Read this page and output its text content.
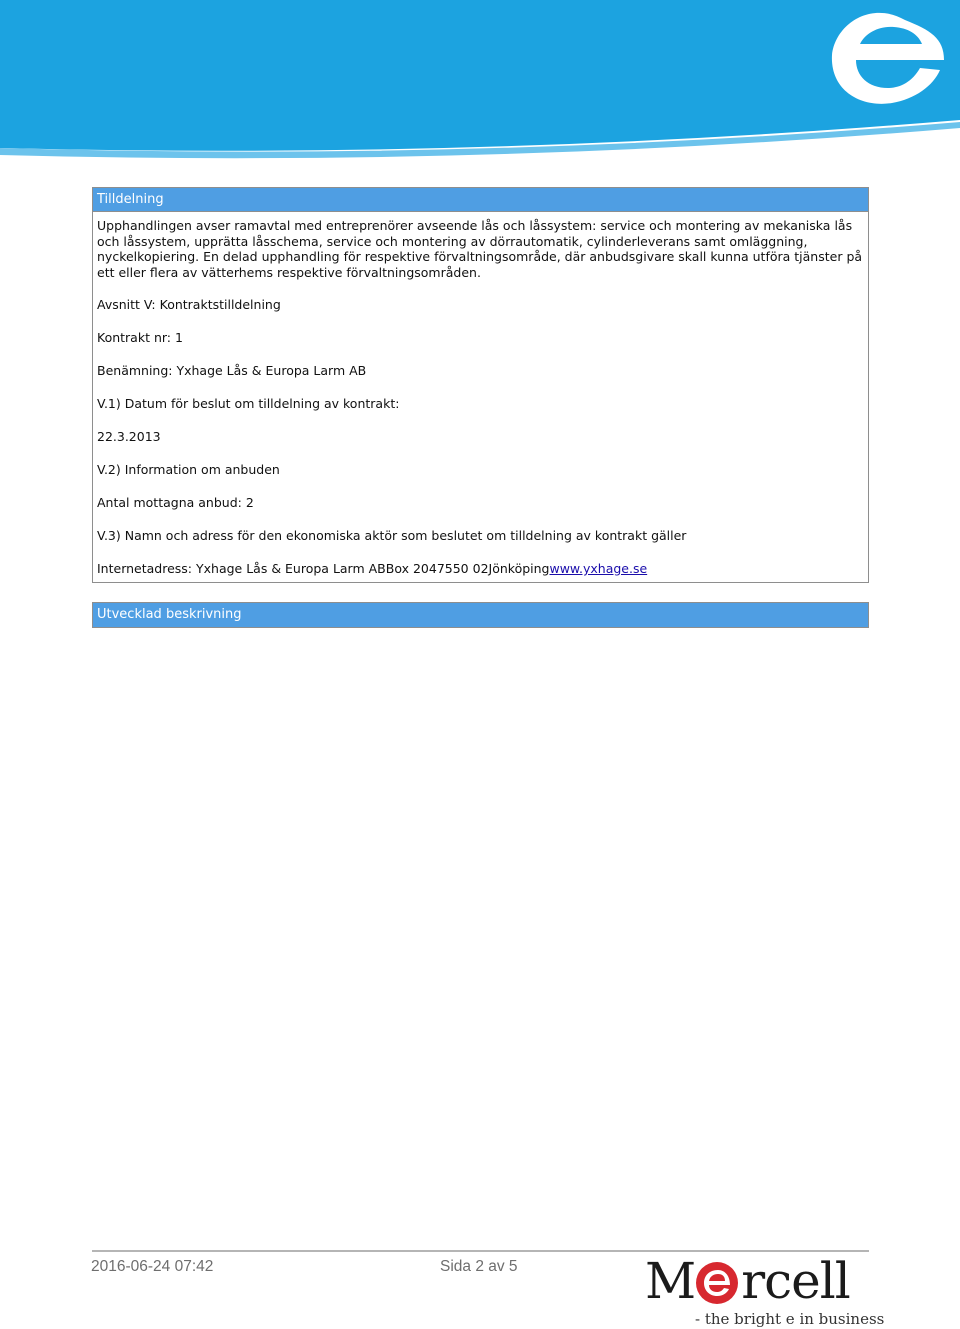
Tilldelning
Upphandlingen avser ramavtal med entreprenörer avseende lås och låssystem: service och montering av mekaniska lås och låssystem, upprätta låsschema, service och montering av dörrautomatik, cylinderleverans samt omläggning, nyckelkopiering. En delad upphandling för respektive förvaltningsområde, där anbudsgivare skall kunna utföra tjänster på ett eller flera av vätterhems respektive förvaltningsområden.
Avsnitt V: Kontraktstilldelning
Kontrakt nr: 1
Benämning: Yxhage Lås & Europa Larm AB
V.1) Datum för beslut om tilldelning av kontrakt:
22.3.2013
V.2) Information om anbuden
Antal mottagna anbud: 2
V.3) Namn och adress för den ekonomiska aktör som beslutet om tilldelning av kontrakt gäller
Internetadress: Yxhage Lås & Europa Larm ABBox 2047550 02Jönköpingwww.yxhage.se
Utvecklad beskrivning
2016-06-24 07:42	Sida 2 av 5	M rcell
- the bright e in business
